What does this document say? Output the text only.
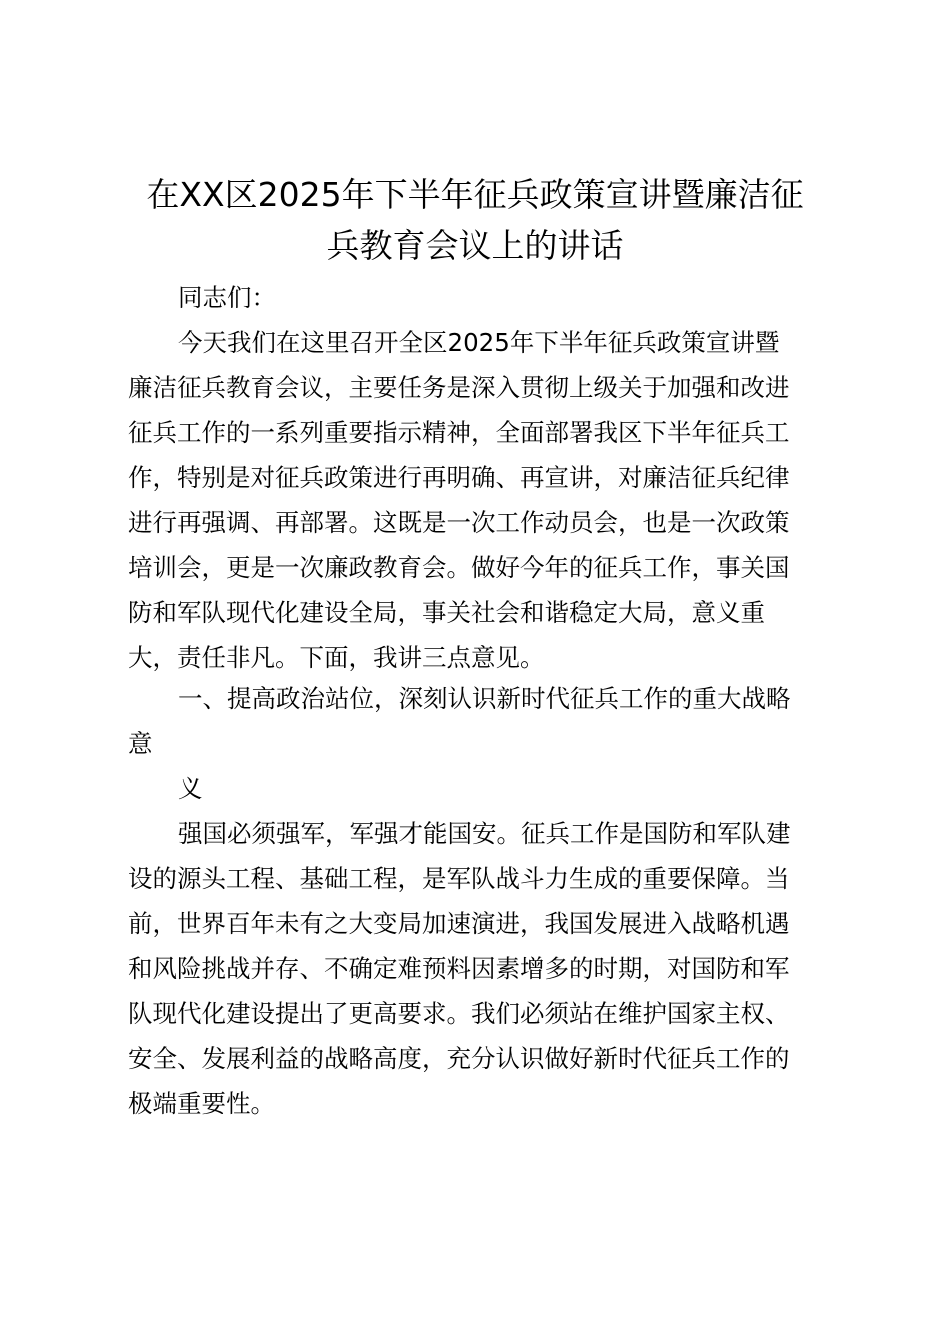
在XX区2025年下半年征兵政策宣讲暨廉洁征
兵教育会议上的讲话

同志们：

今天我们在这里召开全区2025年下半年征兵政策宣讲暨

廉洁征兵教育会议，主要任务是深入贯彻上级关于加强和改进

征兵工作的一系列重要指示精神，全面部署我区下半年征兵工

作，特别是对征兵政策进行再明确、再宣讲，对廉洁征兵纪律

进行再强调、再部署。这既是一次工作动员会，也是一次政策

培训会，更是一次廉政教育会。做好今年的征兵工作，事关国

防和军队现代化建设全局，事关社会和谐稳定大局，意义重

大，责任非凡。下面，我讲三点意见。

一、提高政治站位，深刻认识新时代征兵工作的重大战略

意

义

强国必须强军，军强才能国安。征兵工作是国防和军队建

设的源头工程、基础工程，是军队战斗力生成的重要保障。当

前，世界百年未有之大变局加速演进，我国发展进入战略机遇

和风险挑战并存、不确定难预料因素增多的时期，对国防和军

队现代化建设提出了更高要求。我们必须站在维护国家主权、

安全、发展利益的战略高度，充分认识做好新时代征兵工作的

极端重要性。
